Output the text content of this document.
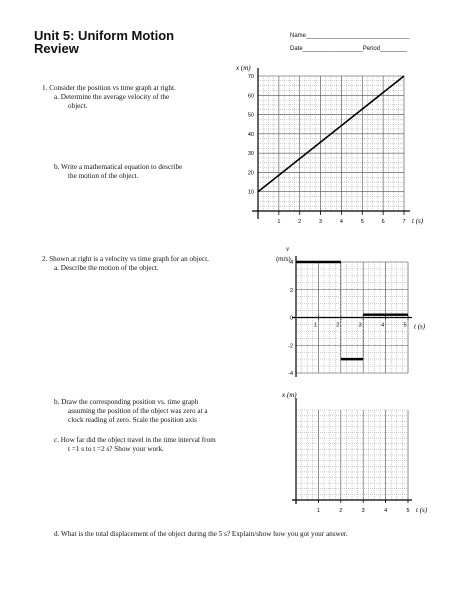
Unit 5: Uniform Motion
Review
Name_______________________________
Date__________________Period________
1. Consider the position vs time graph at right.
a. Determine the average velocity of the
object.
b. Write a mathematical equation to describe
the motion of the object.
2. Shown at right is a velocity vs time graph for an object.
a. Describe the motion of the object.
b. Draw the corresponding position vs. time graph
assuming the position of the object was zero at a
clock reading of zero. Scale the position axis
c. How far did the object travel in the time interval from
t =1 s to t =2 s? Show your work.
d. What is the total displacement of the object during the 5 s? Explain/show how you got your answer.
1	2	3	4	5	6	7
10
20
30
40
50
60
70
x (m)
t (s)
1	2	3	4	5
4
2
0
-2
-4
v
(m/s)
t (s)
1	2	3	4	5
x (m)
t (s)
